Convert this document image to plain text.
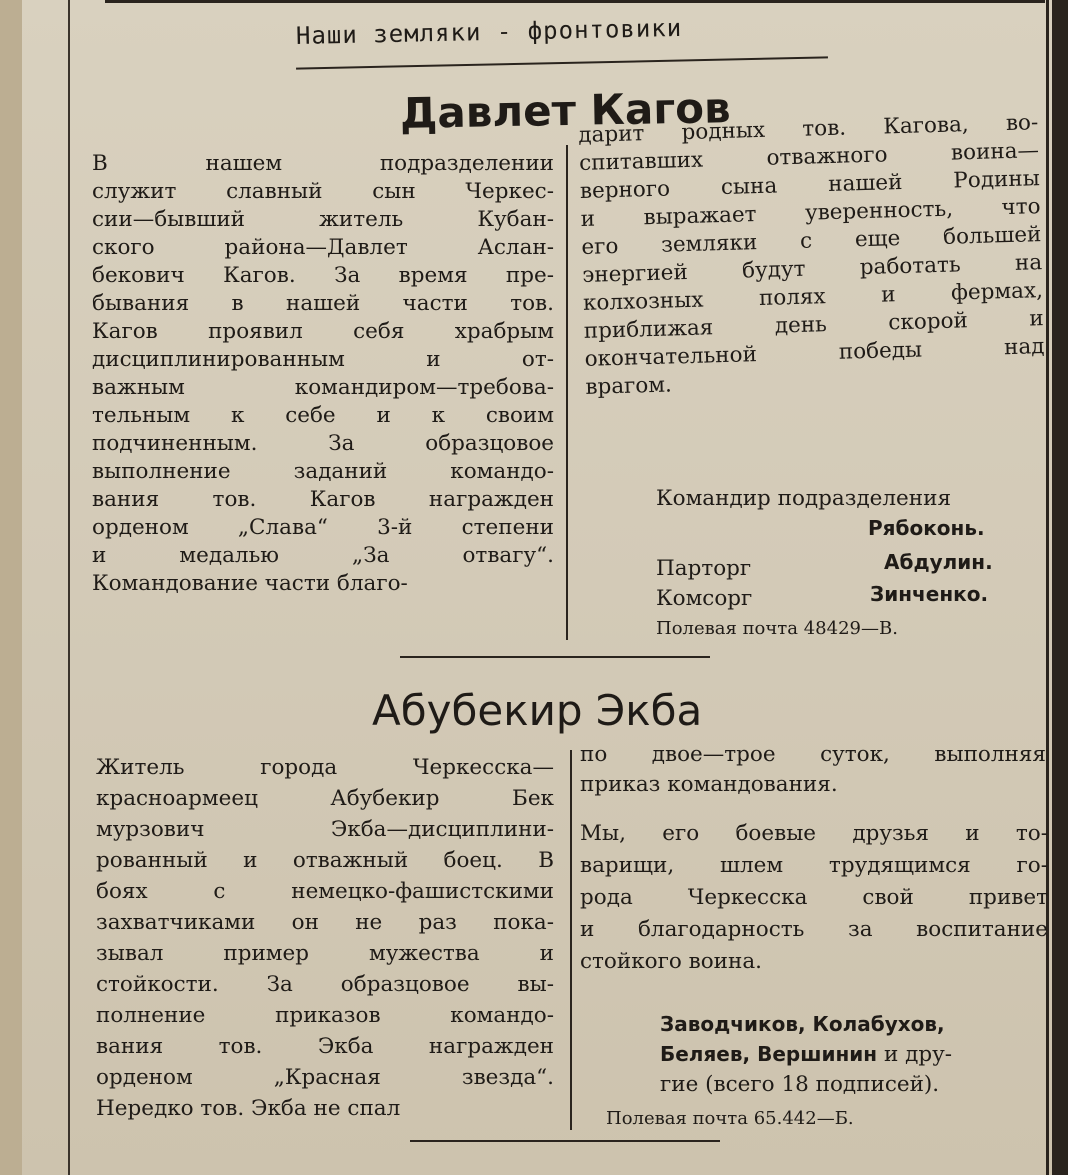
Наши земляки - фронтовики
Давлет Кагов
В нашем подразделении
служит славный сын Черкес-
сии—бывший житель Кубан-
ского района—Давлет Аслан-
бекович Кагов. За время пре-
бывания в нашей части тов.
Кагов проявил себя храбрым
дисциплинированным и от-
важным командиром—требова-
тельным к себе и к своим
подчиненным. За образцовое
выполнение заданий командо-
вания тов. Кагов награжден
орденом „Слава“ 3-й степени
и медалью „За отвагу“.
Командование части благо-
дарит родных тов. Кагова, во-
спитавших отважного воина—
верного сына нашей Родины
и выражает уверенность, что
его земляки с еще большей
энергией будут работать на
колхозных полях и фермах,
приближая день скорой и
окончательной победы над
врагом.
Командир подразделения
Рябоконь.
Парторг	Абдулин.
Комсорг	Зинченко.
Полевая почта 48429—В.
Абубекир Экба
Житель города Черкесска—
красноармеец Абубекир Бек
мурзович Экба—дисциплини-
рованный и отважный боец. В
боях с немецко-фашистскими
захватчиками он не раз пока-
зывал пример мужества и
стойкости. За образцовое вы-
полнение приказов командо-
вания тов. Экба награжден
орденом „Красная звезда“.
Нередко тов. Экба не спал
по двое—трое суток, выполняя
приказ командования.
Мы, его боевые друзья и то-
варищи, шлем трудящимся го-
рода Черкесска свой привет
и благодарность за воспитание
стойкого воина.
Заводчиков, Колабухов,
Беляев, Вершинин и дру-
гие (всего 18 подписей).
Полевая почта 65.442—Б.
